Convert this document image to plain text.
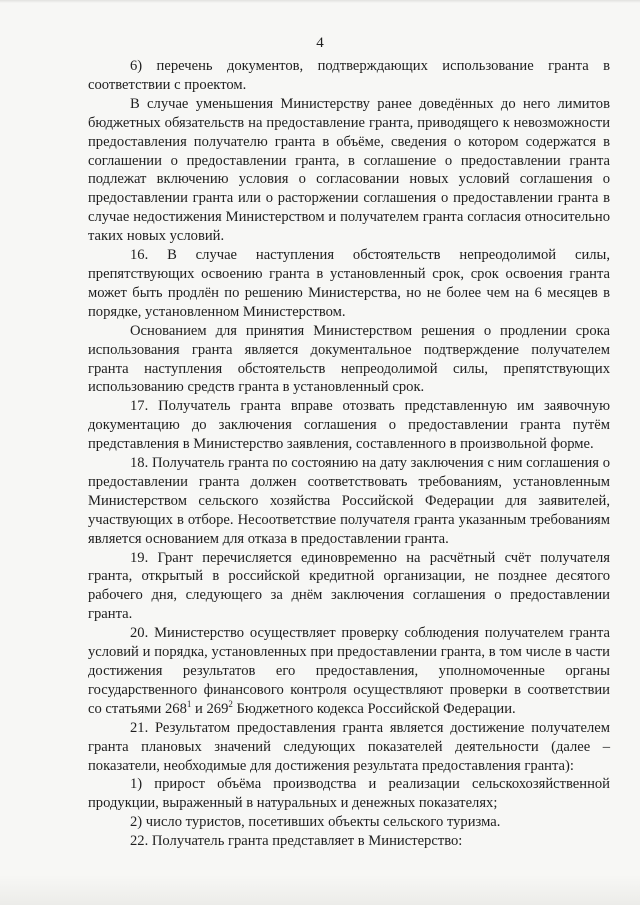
4

6) перечень документов, подтверждающих использование гранта в соответствии с проектом.

В случае уменьшения Министерству ранее доведённых до него лимитов бюджетных обязательств на предоставление гранта, приводящего к невозможности предоставления получателю гранта в объёме, сведения о котором содержатся в соглашении о предоставлении гранта, в соглашение о предоставлении гранта подлежат включению условия о согласовании новых условий соглашения о предоставлении гранта или о расторжении соглашения о предоставлении гранта в случае недостижения Министерством и получателем гранта согласия относительно таких новых условий.

16. В случае наступления обстоятельств непреодолимой силы, препятствующих освоению гранта в установленный срок, срок освоения гранта может быть продлён по решению Министерства, но не более чем на 6 месяцев в порядке, установленном Министерством.

Основанием для принятия Министерством решения о продлении срока использования гранта является документальное подтверждение получателем гранта наступления обстоятельств непреодолимой силы, препятствующих использованию средств гранта в установленный срок.

17. Получатель гранта вправе отозвать представленную им заявочную документацию до заключения соглашения о предоставлении гранта путём представления в Министерство заявления, составленного в произвольной форме.

18. Получатель гранта по состоянию на дату заключения с ним соглашения о предоставлении гранта должен соответствовать требованиям, установленным Министерством сельского хозяйства Российской Федерации для заявителей, участвующих в отборе. Несоответствие получателя гранта указанным требованиям является основанием для отказа в предоставлении гранта.

19. Грант перечисляется единовременно на расчётный счёт получателя гранта, открытый в российской кредитной организации, не позднее десятого рабочего дня, следующего за днём заключения соглашения о предоставлении гранта.

20. Министерство осуществляет проверку соблюдения получателем гранта условий и порядка, установленных при предоставлении гранта, в том числе в части достижения результатов его предоставления, уполномоченные органы государственного финансового контроля осуществляют проверки в соответствии со статьями $268^1$ и $269^2$ Бюджетного кодекса Российской Федерации.

21. Результатом предоставления гранта является достижение получателем гранта плановых значений следующих показателей деятельности (далее – показатели, необходимые для достижения результата предоставления гранта):

1) прирост объёма производства и реализации сельскохозяйственной продукции, выраженный в натуральных и денежных показателях;

2) число туристов, посетивших объекты сельского туризма.

22. Получатель гранта представляет в Министерство:
